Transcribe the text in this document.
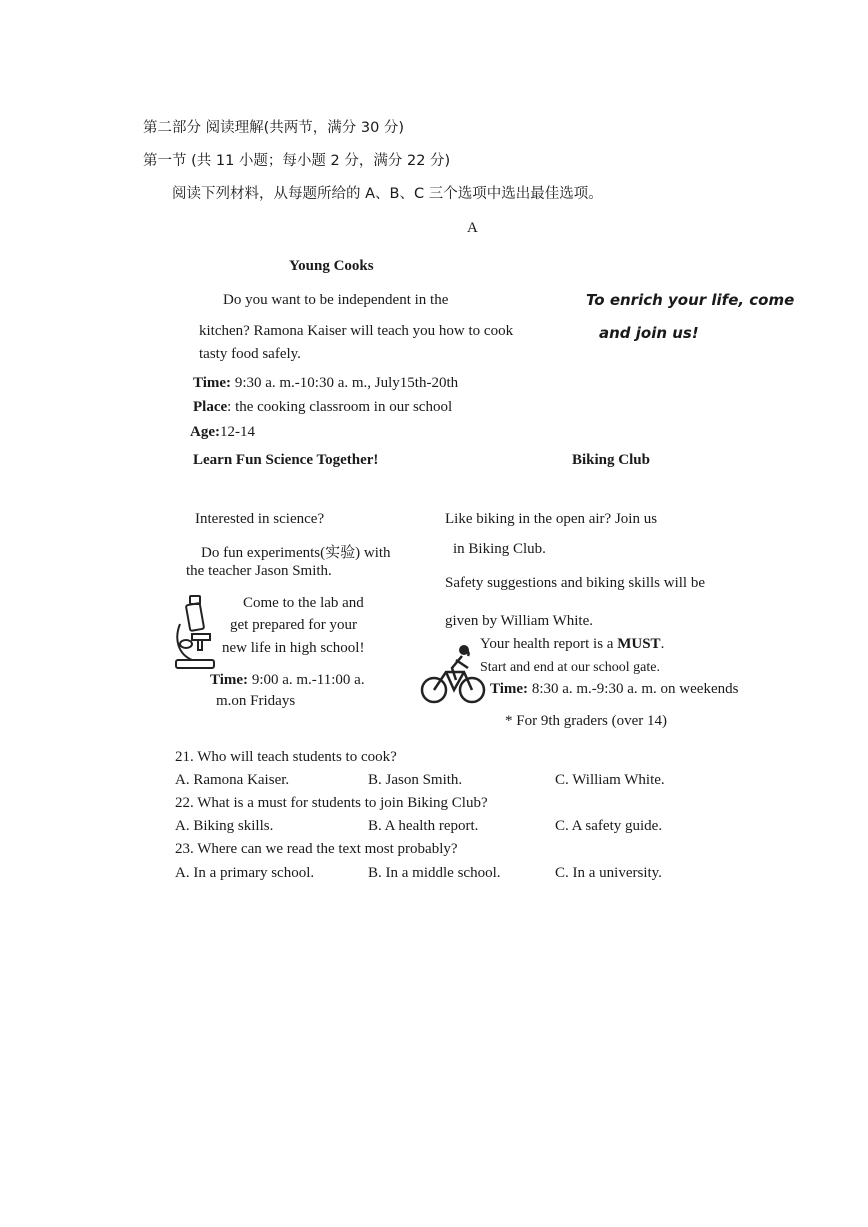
第二部分 阅读理解(共两节，满分 30 分)
第一节 (共 11 小题；每小题 2 分，满分 22 分)
阅读下列材料，从每题所给的 A、B、C 三个选项中选出最佳选项。
A
Young Cooks
Do you want to be independent in the
kitchen? Ramona Kaiser will teach you how to cook
tasty food safely.
Time: 9:30 a. m.-10:30 a. m., July15th-20th
Place: the cooking classroom in our school
Age:12-14
To enrich your life, come
and join us!
Learn Fun Science Together!
Interested in science?
Do fun experiments(实验) with
the teacher Jason Smith.
Come to the lab and
get prepared for your
new life in high school!
Time: 9:00 a. m.-11:00 a.
m.on Fridays
Biking Club
Like biking in the open air? Join us
in Biking Club.
Safety suggestions and biking skills will be
given by William White.
Your health report is a MUST.
Start and end at our school gate.
Time: 8:30 a. m.-9:30 a. m. on weekends
* For 9th graders (over 14)
21. Who will teach students to cook?
A. Ramona Kaiser.	B. Jason Smith.	C. William White.
22. What is a must for students to join Biking Club?
A. Biking skills.	B. A health report.	C. A safety guide.
23. Where can we read the text most probably?
A. In a primary school.	B. In a middle school.	C. In a university.
